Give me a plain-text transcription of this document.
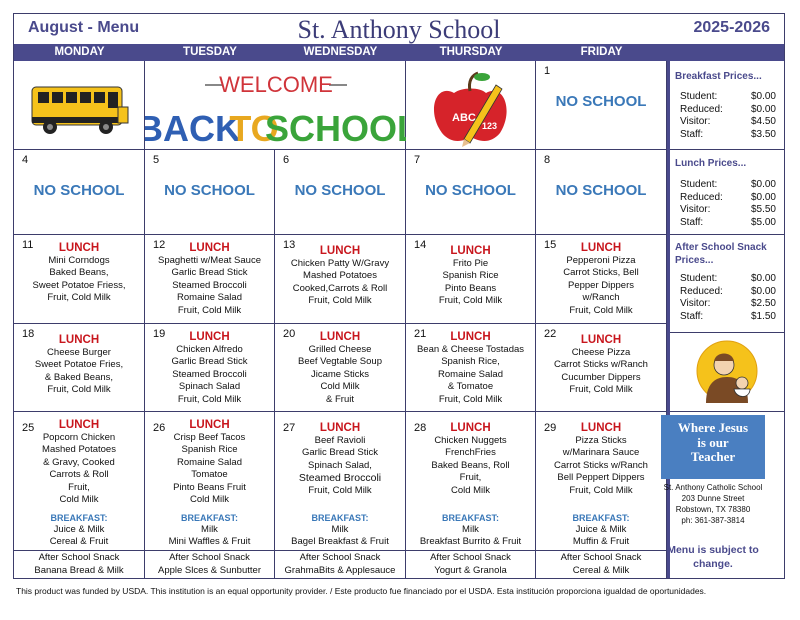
August - Menu	St. Anthony School	2025-2026
MONDAY	TUESDAY	WEDNESDAY	THURSDAY	FRIDAY
WELCOME
BACK
TO
SCHOOL	ABC
123
1
NO SCHOOL
4
NO SCHOOL
5
NO SCHOOL
6
NO SCHOOL
7
NO SCHOOL
8
NO SCHOOL
11	LUNCH
Mini Corndogs
Baked Beans,
Sweet Potatoe Friess,
Fruit, Cold Milk
12	LUNCH
Spaghetti w/Meat Sauce
Garlic Bread Stick
Steamed Broccoli
Romaine Salad
Fruit, Cold Milk
13	LUNCH
Chicken Patty W/Gravy
Mashed Potatoes
Cooked,Carrots & Roll
Fruit, Cold Milk
14	LUNCH
Frito Pie
Spanish Rice
Pinto Beans
Fruit, Cold Milk
15	LUNCH
Pepperoni Pizza
Carrot Sticks, Bell
Pepper Dippers
w/Ranch
Fruit, Cold Milk
18	LUNCH
Cheese Burger
Sweet Potatoe Fries,
& Baked Beans,
Fruit, Cold Milk
19	LUNCH
Chicken Alfredo
Garlic Bread Stick
Steamed Broccoli
Spinach Salad
Fruit, Cold Milk
20	LUNCH
Grilled Cheese
Beef Vegtable Soup
Jicame Sticks
Cold Milk
& Fruit
21	LUNCH
Bean & Cheese Tostadas
Spanish Rice,
Romaine Salad
& Tomatoe
Fruit, Cold Milk
22	LUNCH
Cheese Pizza
Carrot Sticks w/Ranch
Cucumber Dippers
Fruit, Cold Milk
25	LUNCH
Popcorn Chicken
Mashed Potatoes
& Gravy, Cooked
Carrots & Roll
Fruit,
Cold Milk
BREAKFAST:
Juice & Milk
Cereal & Fruit
After School Snack
Banana Bread & Milk
26	LUNCH
Crisp Beef Tacos
Spanish Rice
Romaine Salad
Tomatoe
Pinto Beans Fruit
Cold Milk
BREAKFAST:
Milk
Mini Waffles & Fruit
After School Snack
Apple Slces & Sunbutter
27	LUNCH
Beef Ravioli
Garlic Bread Stick
Spinach Salad,
Steamed Broccoli
Fruit, Cold Milk
BREAKFAST:
Milk
Bagel Breakfast & Fruit
After School Snack
GrahmaBits & Applesauce
28	LUNCH
Chicken Nuggets
FrenchFries
Baked Beans, Roll
Fruit,
Cold Milk
BREAKFAST:
Milk
Breakfast Burrito & Fruit
After School Snack
Yogurt & Granola
29	LUNCH
Pizza Sticks
w/Marinara Sauce
Carrot Sticks w/Ranch
Bell Peppert Dippers
Fruit, Cold Milk
BREAKFAST:
Juice & Milk
Muffin & Fruit
After School Snack
Cereal & Milk
Breakfast Prices...
Student:	$0.00
Reduced:	$0.00
Visitor:	$4.50
Staff:	$3.50
Lunch Prices...
Student:	$0.00
Reduced:	$0.00
Visitor:	$5.50
Staff:	$5.00
After School Snack
Prices...
Student:	$0.00
Reduced:	$0.00
Visitor:	$2.50
Staff:	$1.50
Where Jesus
is our
Teacher
St. Anthony Catholic School
203 Dunne Street
Robstown, TX 78380
ph: 361-387-3814
Menu is subject to
change.
This product was funded by USDA. This institution is an equal opportunity provider. / Este producto fue financiado por el USDA. Esta institución proporciona igualdad de oportunidades.
